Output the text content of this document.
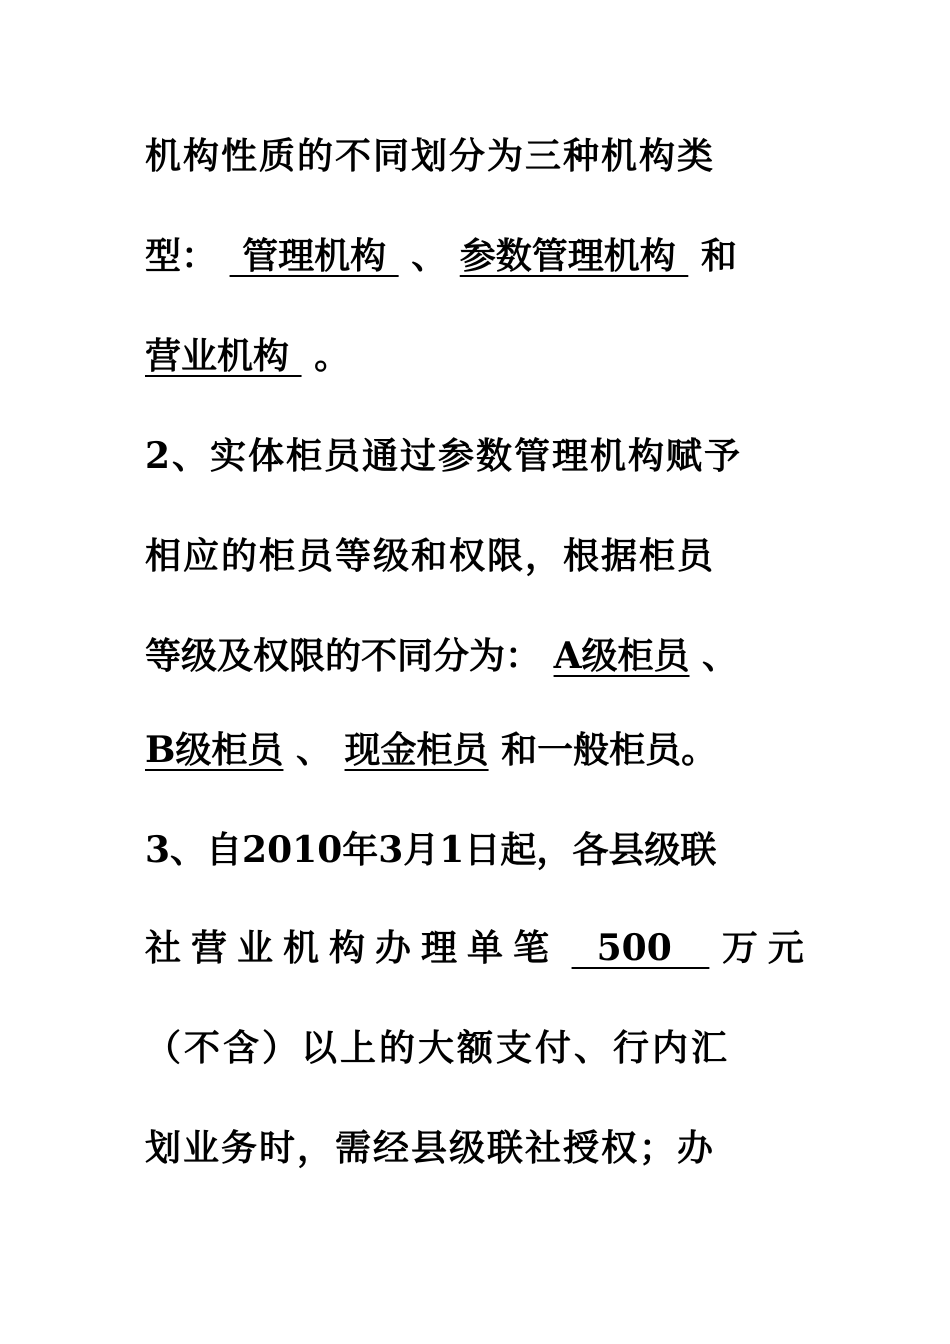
机构性质的不同划分为三种机构类
型：  管理机构  、 参数管理机构  和
营业机构  。
2、实体柜员通过参数管理机构赋予
相应的柜员等级和权限，根据柜员
等级及权限的不同分为： A级柜员 、
B级柜员 、 现金柜员 和一般柜员。
3、自2010年3月1日起，各县级联
社营业机构办理单笔   500    万元
（不含）以上的大额支付、行内汇
划业务时，需经县级联社授权；办
